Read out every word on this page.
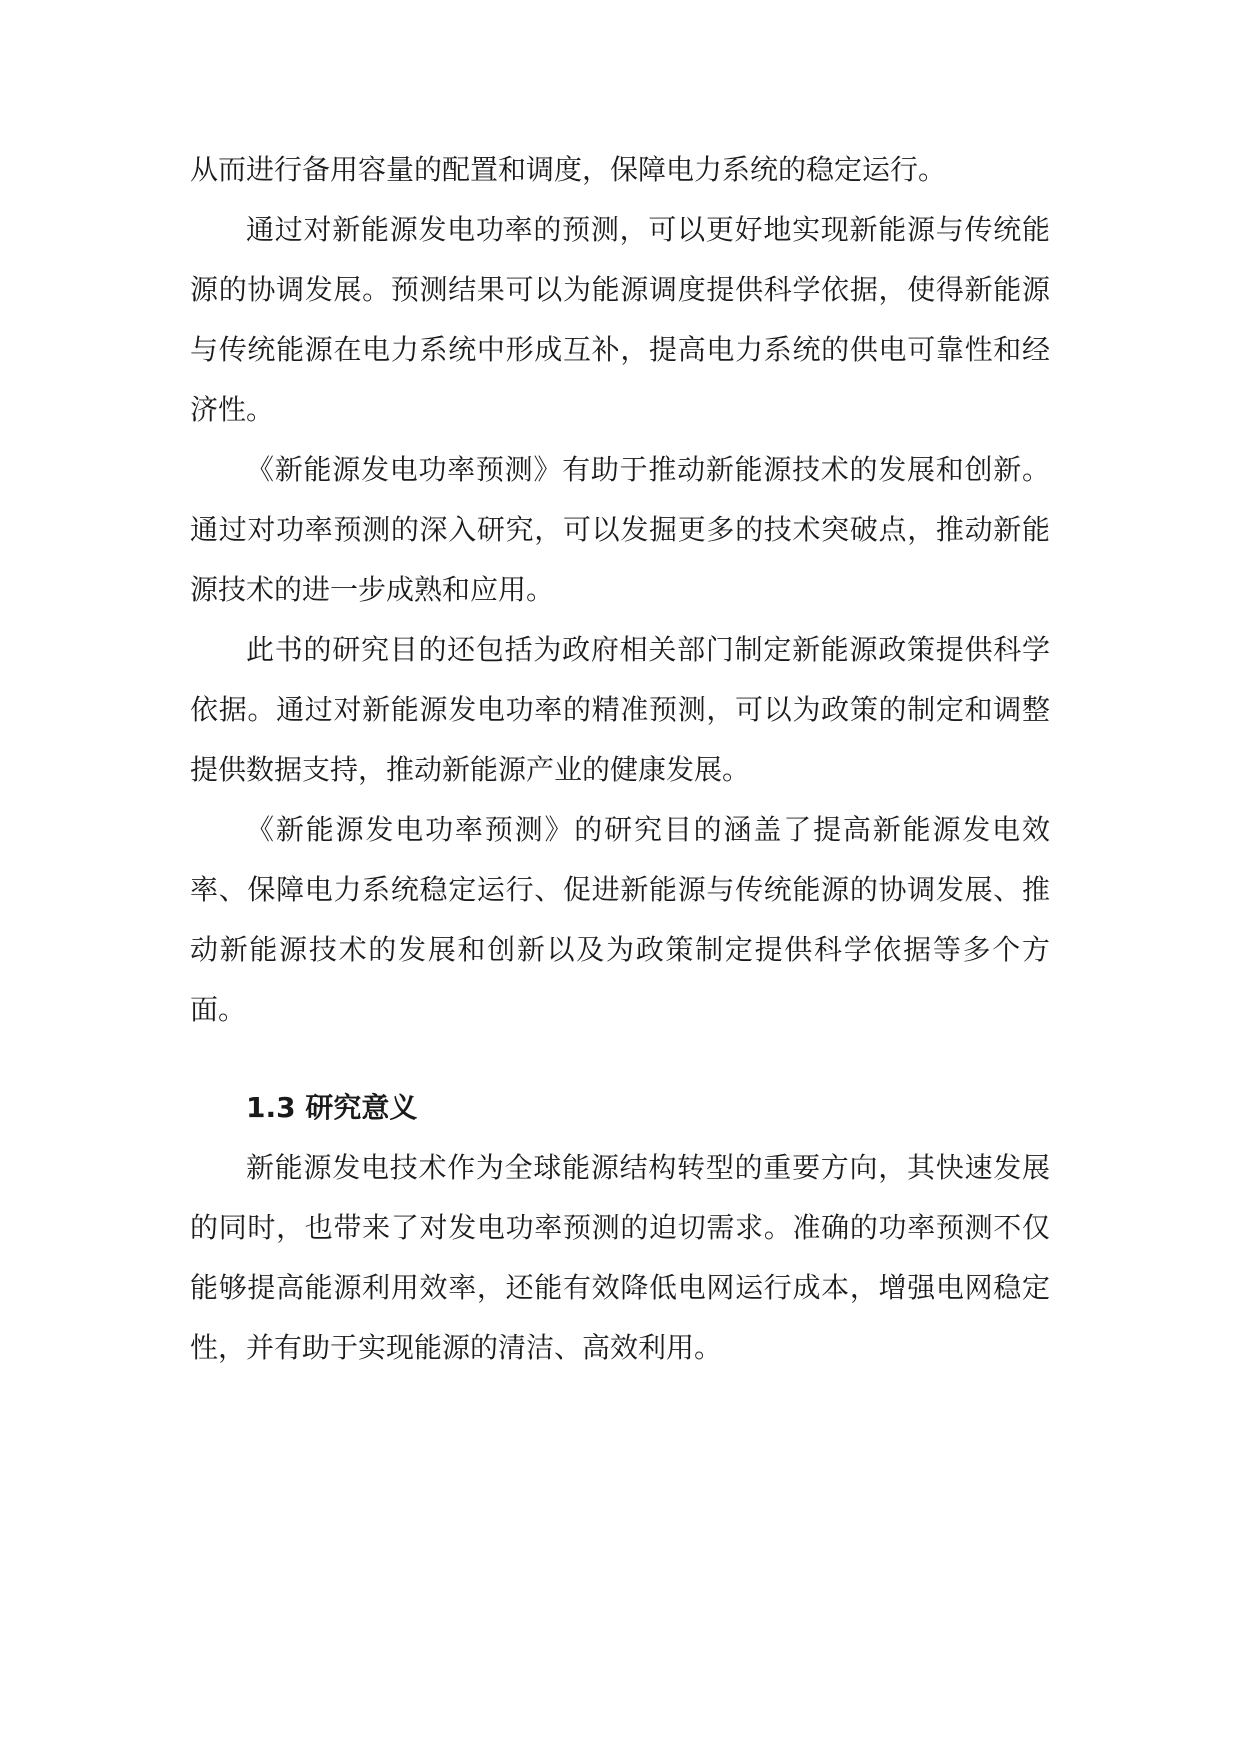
从而进行备用容量的配置和调度，保障电力系统的稳定运行。

通过对新能源发电功率的预测，可以更好地实现新能源与传统能源的协调发展。预测结果可以为能源调度提供科学依据，使得新能源与传统能源在电力系统中形成互补，提高电力系统的供电可靠性和经济性。

《新能源发电功率预测》有助于推动新能源技术的发展和创新。通过对功率预测的深入研究，可以发掘更多的技术突破点，推动新能源技术的进一步成熟和应用。

此书的研究目的还包括为政府相关部门制定新能源政策提供科学依据。通过对新能源发电功率的精准预测，可以为政策的制定和调整提供数据支持，推动新能源产业的健康发展。

《新能源发电功率预测》的研究目的涵盖了提高新能源发电效率、保障电力系统稳定运行、促进新能源与传统能源的协调发展、推动新能源技术的发展和创新以及为政策制定提供科学依据等多个方面。

1.3 研究意义

新能源发电技术作为全球能源结构转型的重要方向，其快速发展的同时，也带来了对发电功率预测的迫切需求。准确的功率预测不仅能够提高能源利用效率，还能有效降低电网运行成本，增强电网稳定性，并有助于实现能源的清洁、高效利用。
